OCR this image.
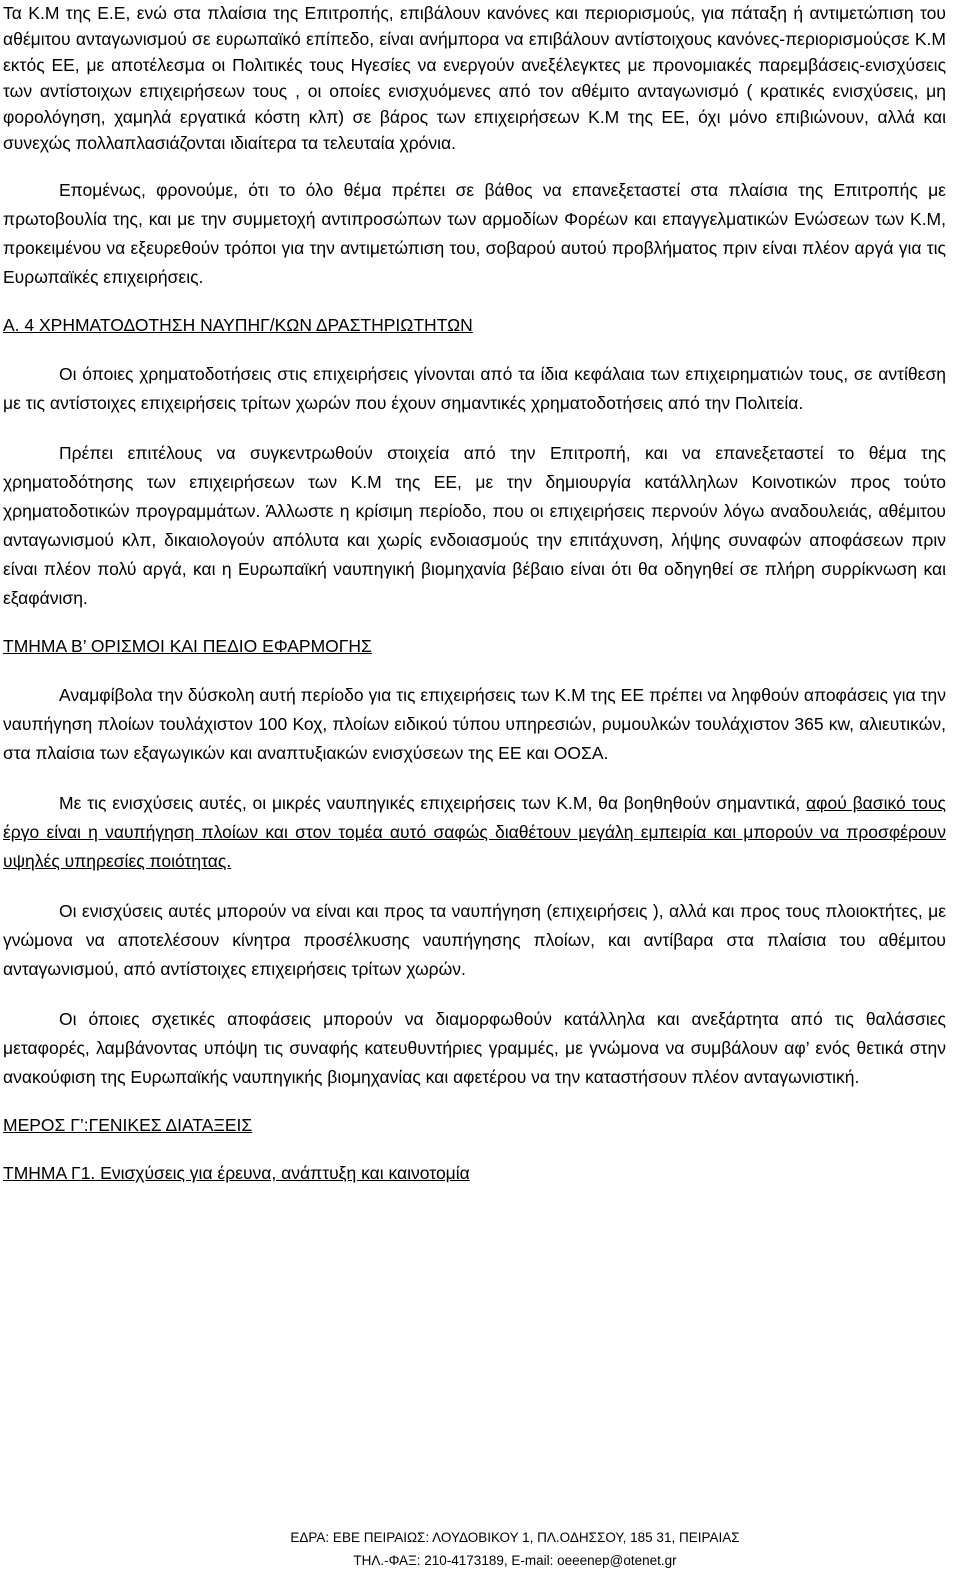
Τα Κ.Μ της Ε.Ε, ενώ στα πλαίσια της Επιτροπής, επιβάλουν κανόνες και περιορισμούς, για πάταξη ή αντιμετώπιση του αθέμιτου ανταγωνισμού σε ευρωπαϊκό επίπεδο, είναι ανήμπορα να επιβάλουν αντίστοιχους κανόνες-περιορισμούςσε Κ.Μ εκτός ΕΕ, με αποτέλεσμα οι Πολιτικές τους Ηγεσίες να ενεργούν ανεξέλεγκτες με προνομιακές παρεμβάσεις-ενισχύσεις των αντίστοιχων επιχειρήσεων τους , οι οποίες ενισχυόμενες από τον αθέμιτο ανταγωνισμό ( κρατικές ενισχύσεις, μη φορολόγηση, χαμηλά εργατικά κόστη κλπ) σε βάρος των επιχειρήσεων Κ.Μ της ΕΕ, όχι μόνο επιβιώνουν, αλλά και συνεχώς πολλαπλασιάζονται ιδιαίτερα τα τελευταία χρόνια.

Επομένως, φρονούμε, ότι το όλο θέμα πρέπει σε βάθος να επανεξεταστεί στα πλαίσια της Επιτροπής με πρωτοβουλία της, και με την συμμετοχή αντιπροσώπων των αρμοδίων Φορέων και επαγγελματικών Ενώσεων των Κ.Μ, προκειμένου να εξευρεθούν τρόποι για την αντιμετώπιση του, σοβαρού αυτού προβλήματος πριν είναι πλέον αργά για τις Ευρωπαϊκές επιχειρήσεις.

Α. 4 ΧΡΗΜΑΤΟΔΟΤΗΣΗ ΝΑΥΠΗΓ/ΚΩΝ ΔΡΑΣΤΗΡΙΩΤΗΤΩΝ

Οι όποιες χρηματοδοτήσεις στις επιχειρήσεις γίνονται από τα ίδια κεφάλαια των επιχειρηματιών τους, σε αντίθεση με τις αντίστοιχες επιχειρήσεις τρίτων χωρών που έχουν σημαντικές χρηματοδοτήσεις από την Πολιτεία.

Πρέπει επιτέλους να συγκεντρωθούν στοιχεία από την Επιτροπή, και να επανεξεταστεί το θέμα της χρηματοδότησης των επιχειρήσεων των Κ.Μ της ΕΕ, με την δημιουργία κατάλληλων Κοινοτικών προς τούτο χρηματοδοτικών προγραμμάτων. Άλλωστε η κρίσιμη περίοδο, που οι επιχειρήσεις περνούν λόγω αναδουλειάς, αθέμιτου ανταγωνισμού κλπ, δικαιολογούν απόλυτα και χωρίς ενδοιασμούς την επιτάχυνση, λήψης συναφών αποφάσεων πριν είναι πλέον πολύ αργά, και η Ευρωπαϊκή ναυπηγική βιομηχανία βέβαιο είναι ότι θα οδηγηθεί σε πλήρη συρρίκνωση και εξαφάνιση.

ΤΜΗΜΑ Β’ ΟΡΙΣΜΟΙ ΚΑΙ ΠΕΔΙΟ ΕΦΑΡΜΟΓΗΣ

Αναμφίβολα την δύσκολη αυτή περίοδο για τις επιχειρήσεις των Κ.Μ της ΕΕ πρέπει να ληφθούν αποφάσεις για την ναυπήγηση πλοίων τουλάχιστον 100 Κοχ, πλοίων ειδικού τύπου υπηρεσιών, ρυμουλκών τουλάχιστον 365 κw, αλιευτικών, στα πλαίσια των εξαγωγικών και αναπτυξιακών ενισχύσεων της ΕΕ και ΟΟΣΑ.

Με τις ενισχύσεις αυτές, οι μικρές ναυπηγικές επιχειρήσεις των Κ.Μ, θα βοηθηθούν σημαντικά, αφού βασικό τους έργο είναι η ναυπήγηση πλοίων και στον τομέα αυτό σαφώς διαθέτουν μεγάλη εμπειρία και μπορούν να προσφέρουν υψηλές υπηρεσίες ποιότητας.

Οι ενισχύσεις αυτές μπορούν να είναι και προς τα ναυπήγηση (επιχειρήσεις ), αλλά και προς τους πλοιοκτήτες, με γνώμονα να αποτελέσουν κίνητρα προσέλκυσης ναυπήγησης πλοίων, και αντίβαρα στα πλαίσια του αθέμιτου ανταγωνισμού, από αντίστοιχες επιχειρήσεις τρίτων χωρών.

Οι όποιες σχετικές αποφάσεις μπορούν να διαμορφωθούν κατάλληλα και ανεξάρτητα από τις θαλάσσιες μεταφορές, λαμβάνοντας υπόψη τις συναφής κατευθυντήριες γραμμές, με γνώμονα να συμβάλουν αφ’ ενός θετικά στην ανακούφιση της Ευρωπαϊκής ναυπηγικής βιομηχανίας και αφετέρου να την καταστήσουν πλέον ανταγωνιστική.

ΜΕΡΟΣ Γ’:ΓΕΝΙΚΕΣ ΔΙΑΤΑΞΕΙΣ

ΤΜΗΜΑ Γ1. Ενισχύσεις για έρευνα, ανάπτυξη και καινοτομία

ΕΔΡΑ: ΕΒΕ ΠΕΙΡΑΙΩΣ: ΛΟΥΔΟΒΙΚΟΥ 1, ΠΛ.ΟΔΗΣΣΟΥ, 185 31, ΠΕΙΡΑΙΑΣ
ΤΗΛ.-ΦΑΞ: 210-4173189, E-mail: oeeenep@otenet.gr
